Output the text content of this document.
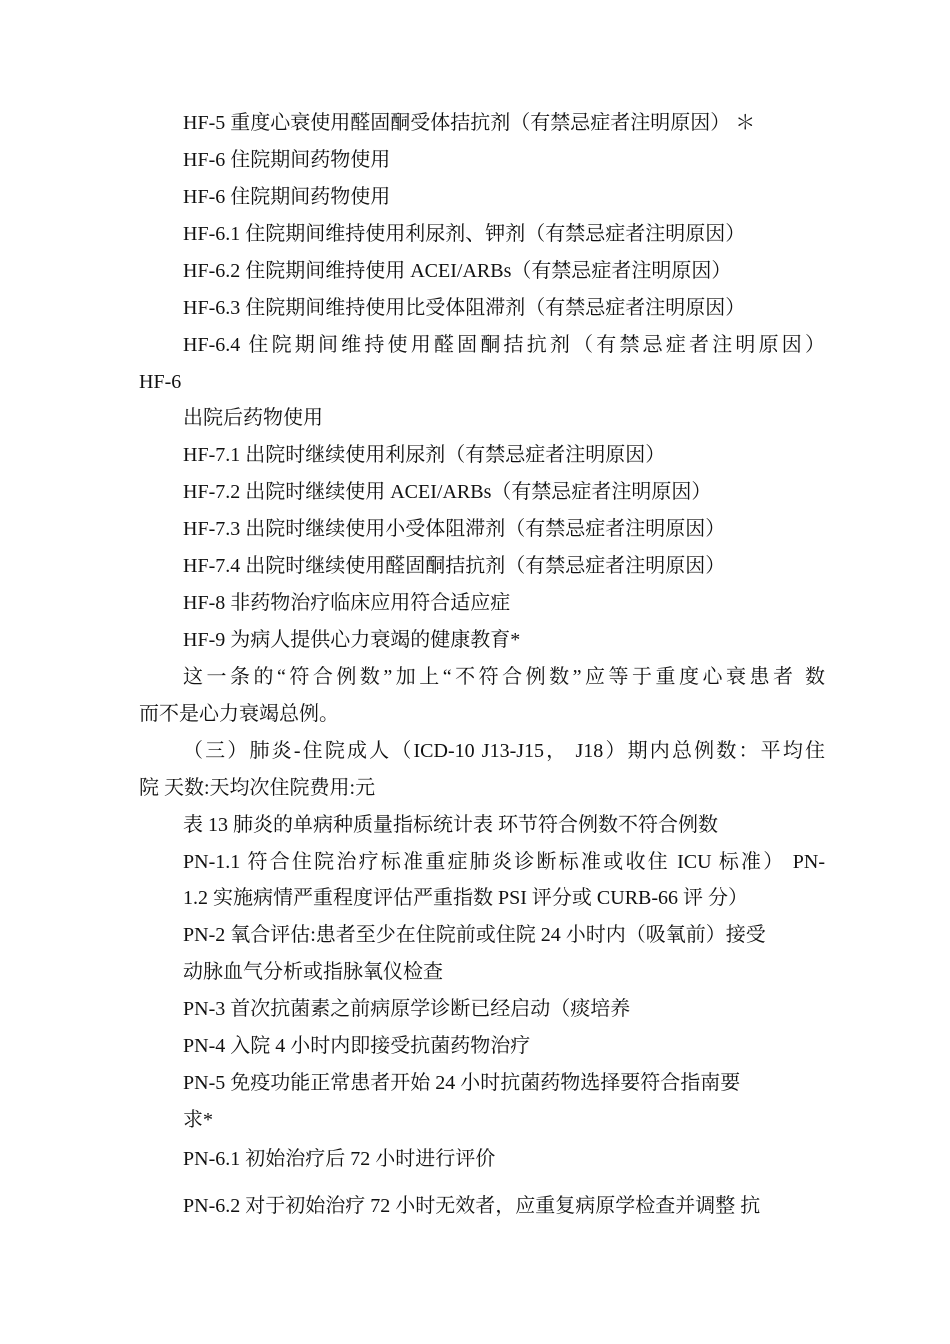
HF-5 重度心衰使用醛固酮受体拮抗剂（有禁忌症者注明原因） ＊

HF-6 住院期间药物使用

HF-6 住院期间药物使用

HF-6.1 住院期间维持使用利尿剂、钾剂（有禁忌症者注明原因）

HF-6.2 住院期间维持使用 ACEI/ARBs（有禁忌症者注明原因）

HF-6.3 住院期间维持使用比受体阻滞剂（有禁忌症者注明原因）

HF-6.4 住院期间维持使用醛固酮拮抗剂（有禁忌症者注明原因）

HF-6

出院后药物使用

HF-7.1 出院时继续使用利尿剂（有禁忌症者注明原因）

HF-7.2 出院时继续使用 ACEI/ARBs（有禁忌症者注明原因）

HF-7.3 出院时继续使用小受体阻滞剂（有禁忌症者注明原因）

HF-7.4 出院时继续使用醛固酮拮抗剂（有禁忌症者注明原因）

HF-8 非药物治疗临床应用符合适应症

HF-9 为病人提供心力衰竭的健康教育*

这一条的“符合例数”加上“不符合例数”应等于重度心衰患者 数

而不是心力衰竭总例。

（三）肺炎-住院成人（ICD-10 J13-J15， J18）期内总例数：平均住

院 天数:天均次住院费用:元

表 13 肺炎的单病种质量指标统计表 环节符合例数不符合例数

PN-1.1 符合住院治疗标准重症肺炎诊断标准或收住 ICU 标准） PN-

1.2 实施病情严重程度评估严重指数 PSI 评分或 CURB-66 评 分）

PN-2 氧合评估:患者至少在住院前或住院 24 小时内（吸氧前）接受

动脉血气分析或指脉氧仪检查

PN-3 首次抗菌素之前病原学诊断已经启动（痰培养

PN-4 入院 4 小时内即接受抗菌药物治疗

PN-5 免疫功能正常患者开始 24 小时抗菌药物选择要符合指南要

求*

PN-6.1 初始治疗后 72 小时进行评价

PN-6.2 对于初始治疗 72 小时无效者，应重复病原学检查并调整 抗
